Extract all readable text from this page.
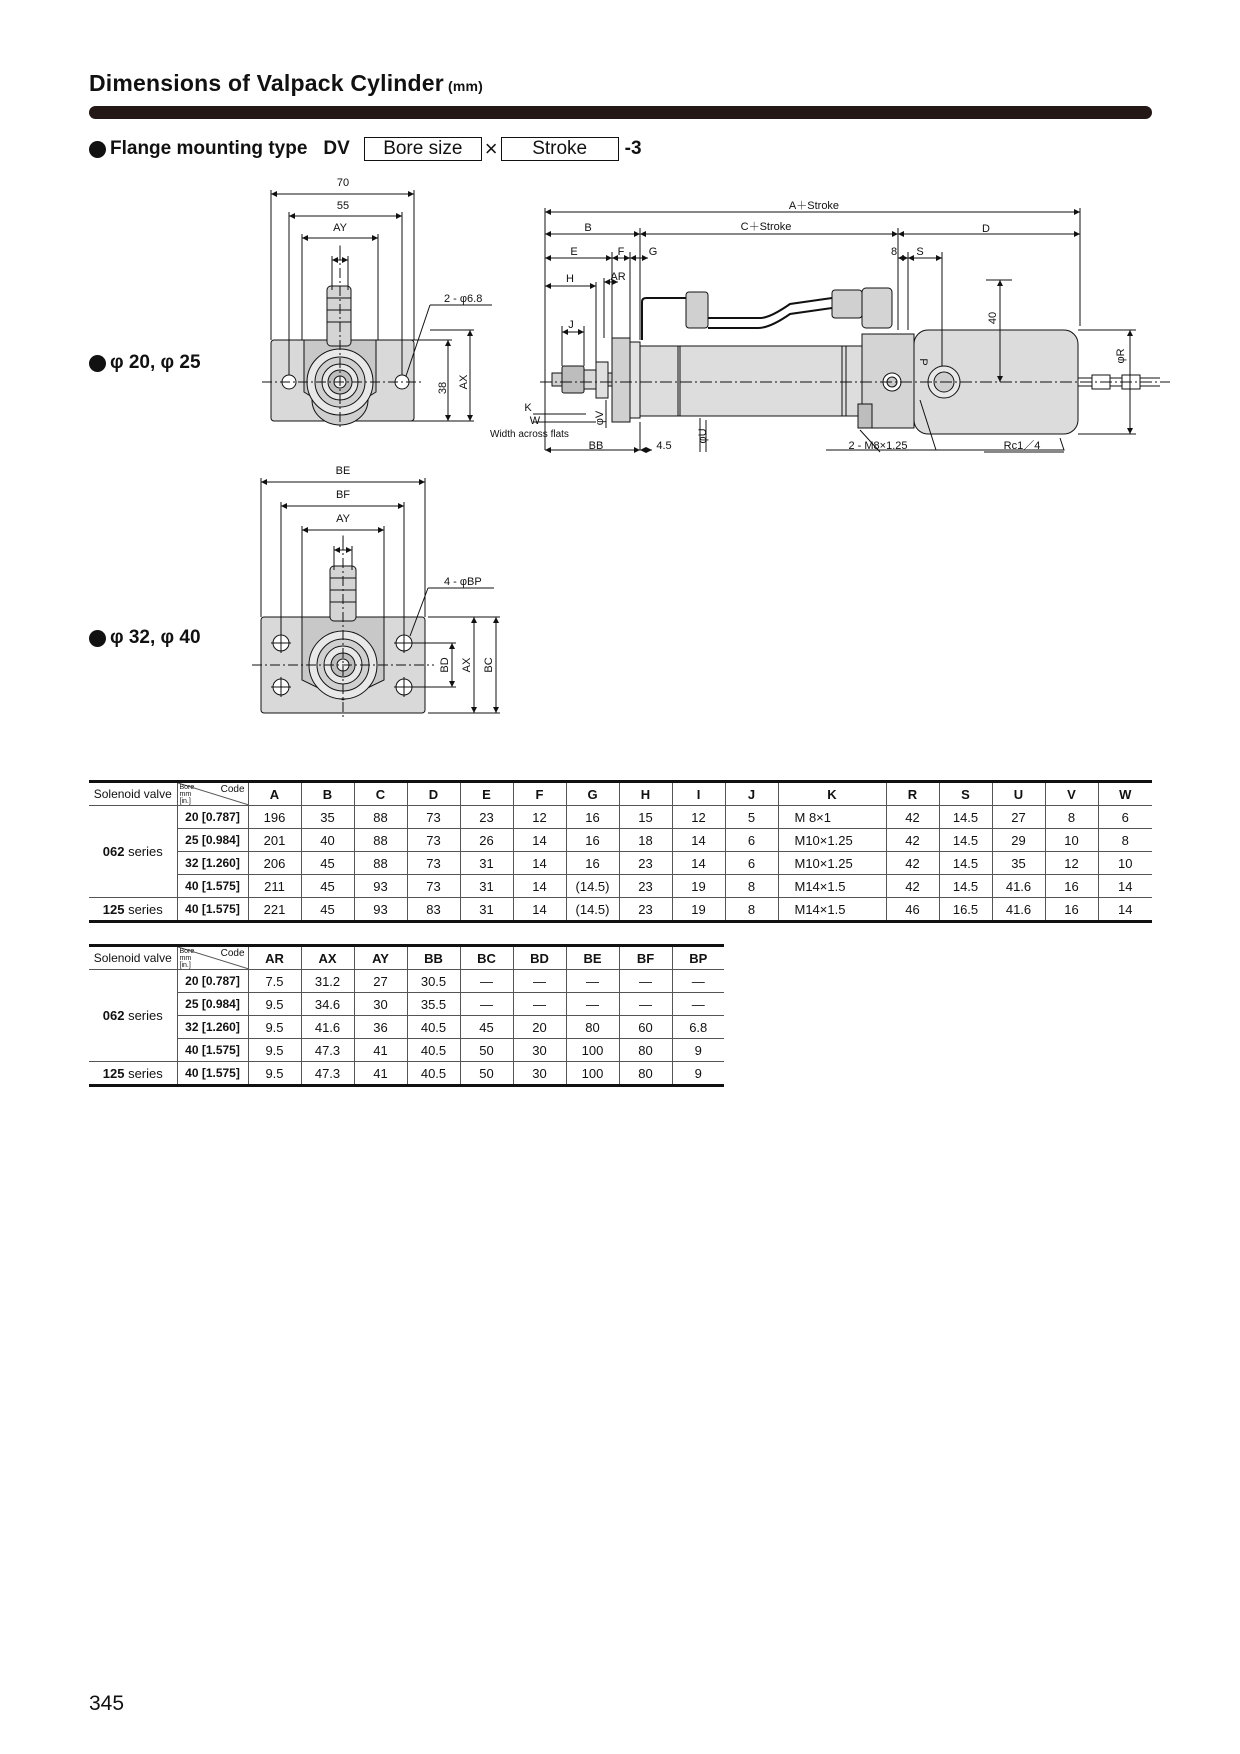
Dimensions of Valpack Cylinder (mm)
Flange mounting type DV	Bore size	×	Stroke	-3
φ 20, φ 25
φ 32, φ 40
70
55
AY
I
2 - φ6.8
38 AX
BE
BF
AY
I
4 - φBP
BD AX BC
A＋Stroke
B	C＋Stroke	D
E	F G	8 S
H	AR
J
40
P	φR
K
W
Width across flats
φV
φU
BB	4.5	2 - M8×1.25	Rc1／4
Solenoid valve	Bore mm [in.]
Code	A	B	C	D	E	F	G	H	I	J	K	R	S	U	V	W
062 series	20 [0.787]	196	35	88	73	23	12	16	15	12	5	M 8×1	42	14.5	27	8	6
	25 [0.984]	201	40	88	73	26	14	16	18	14	6	M10×1.25	42	14.5	29	10	8
	32 [1.260]	206	45	88	73	31	14	16	23	14	6	M10×1.25	42	14.5	35	12	10
	40 [1.575]	211	45	93	73	31	14	(14.5)	23	19	8	M14×1.5	42	14.5	41.6	16	14
125 series	40 [1.575]	221	45	93	83	31	14	(14.5)	23	19	8	M14×1.5	46	16.5	41.6	16	14
Solenoid valve	Bore mm [in.]
Code	AR	AX	AY	BB	BC	BD	BE	BF	BP
062 series	20 [0.787]	7.5	31.2	27	30.5	—	—	—	—	—
	25 [0.984]	9.5	34.6	30	35.5	—	—	—	—	—
	32 [1.260]	9.5	41.6	36	40.5	45	20	80	60	6.8
	40 [1.575]	9.5	47.3	41	40.5	50	30	100	80	9
125 series	40 [1.575]	9.5	47.3	41	40.5	50	30	100	80	9
345
